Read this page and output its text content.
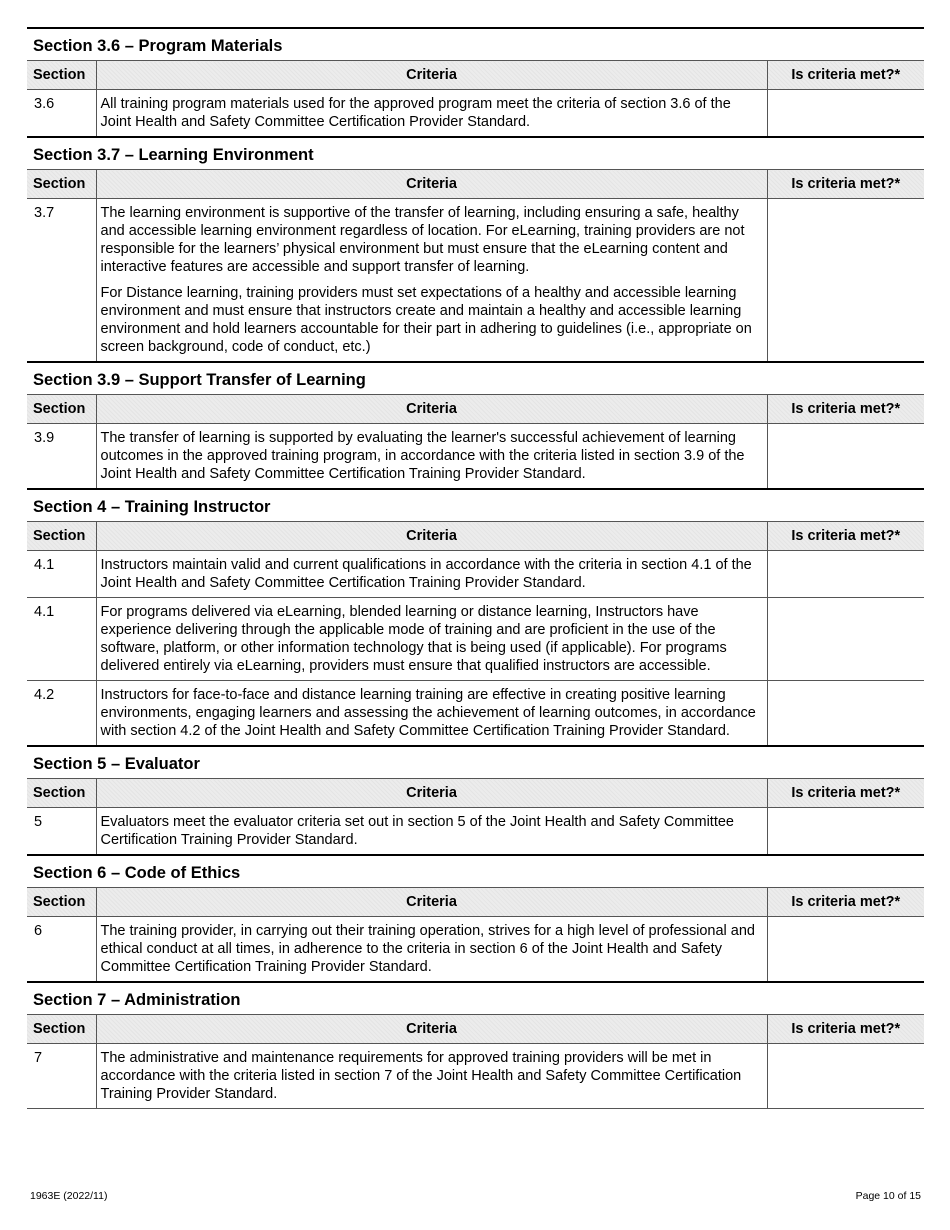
Section 3.6 – Program Materials
Section	Criteria	Is criteria met?*
3.6	All training program materials used for the approved program meet the criteria of section 3.6 of the Joint Health and Safety Committee Certification Provider Standard.	

Section 3.7 – Learning Environment
Section	Criteria	Is criteria met?*
3.7	The learning environment is supportive of the transfer of learning, including ensuring a safe, healthy and accessible learning environment regardless of location. For eLearning, training providers are not responsible for the learners’ physical environment but must ensure that the eLearning content and interactive features are accessible and support transfer of learning.

For Distance learning, training providers must set expectations of a healthy and accessible learning environment and must ensure that instructors create and maintain a healthy and accessible learning environment and hold learners accountable for their part in adhering to guidelines (i.e., appropriate on screen background, code of conduct, etc.)	

Section 3.9 – Support Transfer of Learning
Section	Criteria	Is criteria met?*
3.9	The transfer of learning is supported by evaluating the learner's successful achievement of learning outcomes in the approved training program, in accordance with the criteria listed in section 3.9 of the Joint Health and Safety Committee Certification Training Provider Standard.	

Section 4 – Training Instructor
Section	Criteria	Is criteria met?*
4.1	Instructors maintain valid and current qualifications in accordance with the criteria in section 4.1 of the Joint Health and Safety Committee Certification Training Provider Standard.	

4.1	For programs delivered via eLearning, blended learning or distance learning, Instructors have experience delivering through the applicable mode of training and are proficient in the use of the software, platform, or other information technology that is being used (if applicable). For programs delivered entirely via eLearning, providers must ensure that qualified instructors are accessible.	

4.2	Instructors for face-to-face and distance learning training are effective in creating positive learning environments, engaging learners and assessing the achievement of learning outcomes, in accordance with section 4.2 of the Joint Health and Safety Committee Certification Training Provider Standard.	

Section 5 – Evaluator
Section	Criteria	Is criteria met?*
5	Evaluators meet the evaluator criteria set out in section 5 of the Joint Health and Safety Committee Certification Training Provider Standard.	

Section 6 – Code of Ethics
Section	Criteria	Is criteria met?*
6	The training provider, in carrying out their training operation, strives for a high level of professional and ethical conduct at all times, in adherence to the criteria in section 6 of the Joint Health and Safety Committee Certification Training Provider Standard.	

Section 7 – Administration
Section	Criteria	Is criteria met?*
7	The administrative and maintenance requirements for approved training providers will be met in accordance with the criteria listed in section 7 of the Joint Health and Safety Committee Certification Training Provider Standard.	

1963E (2022/11)	Page 10 of 15
